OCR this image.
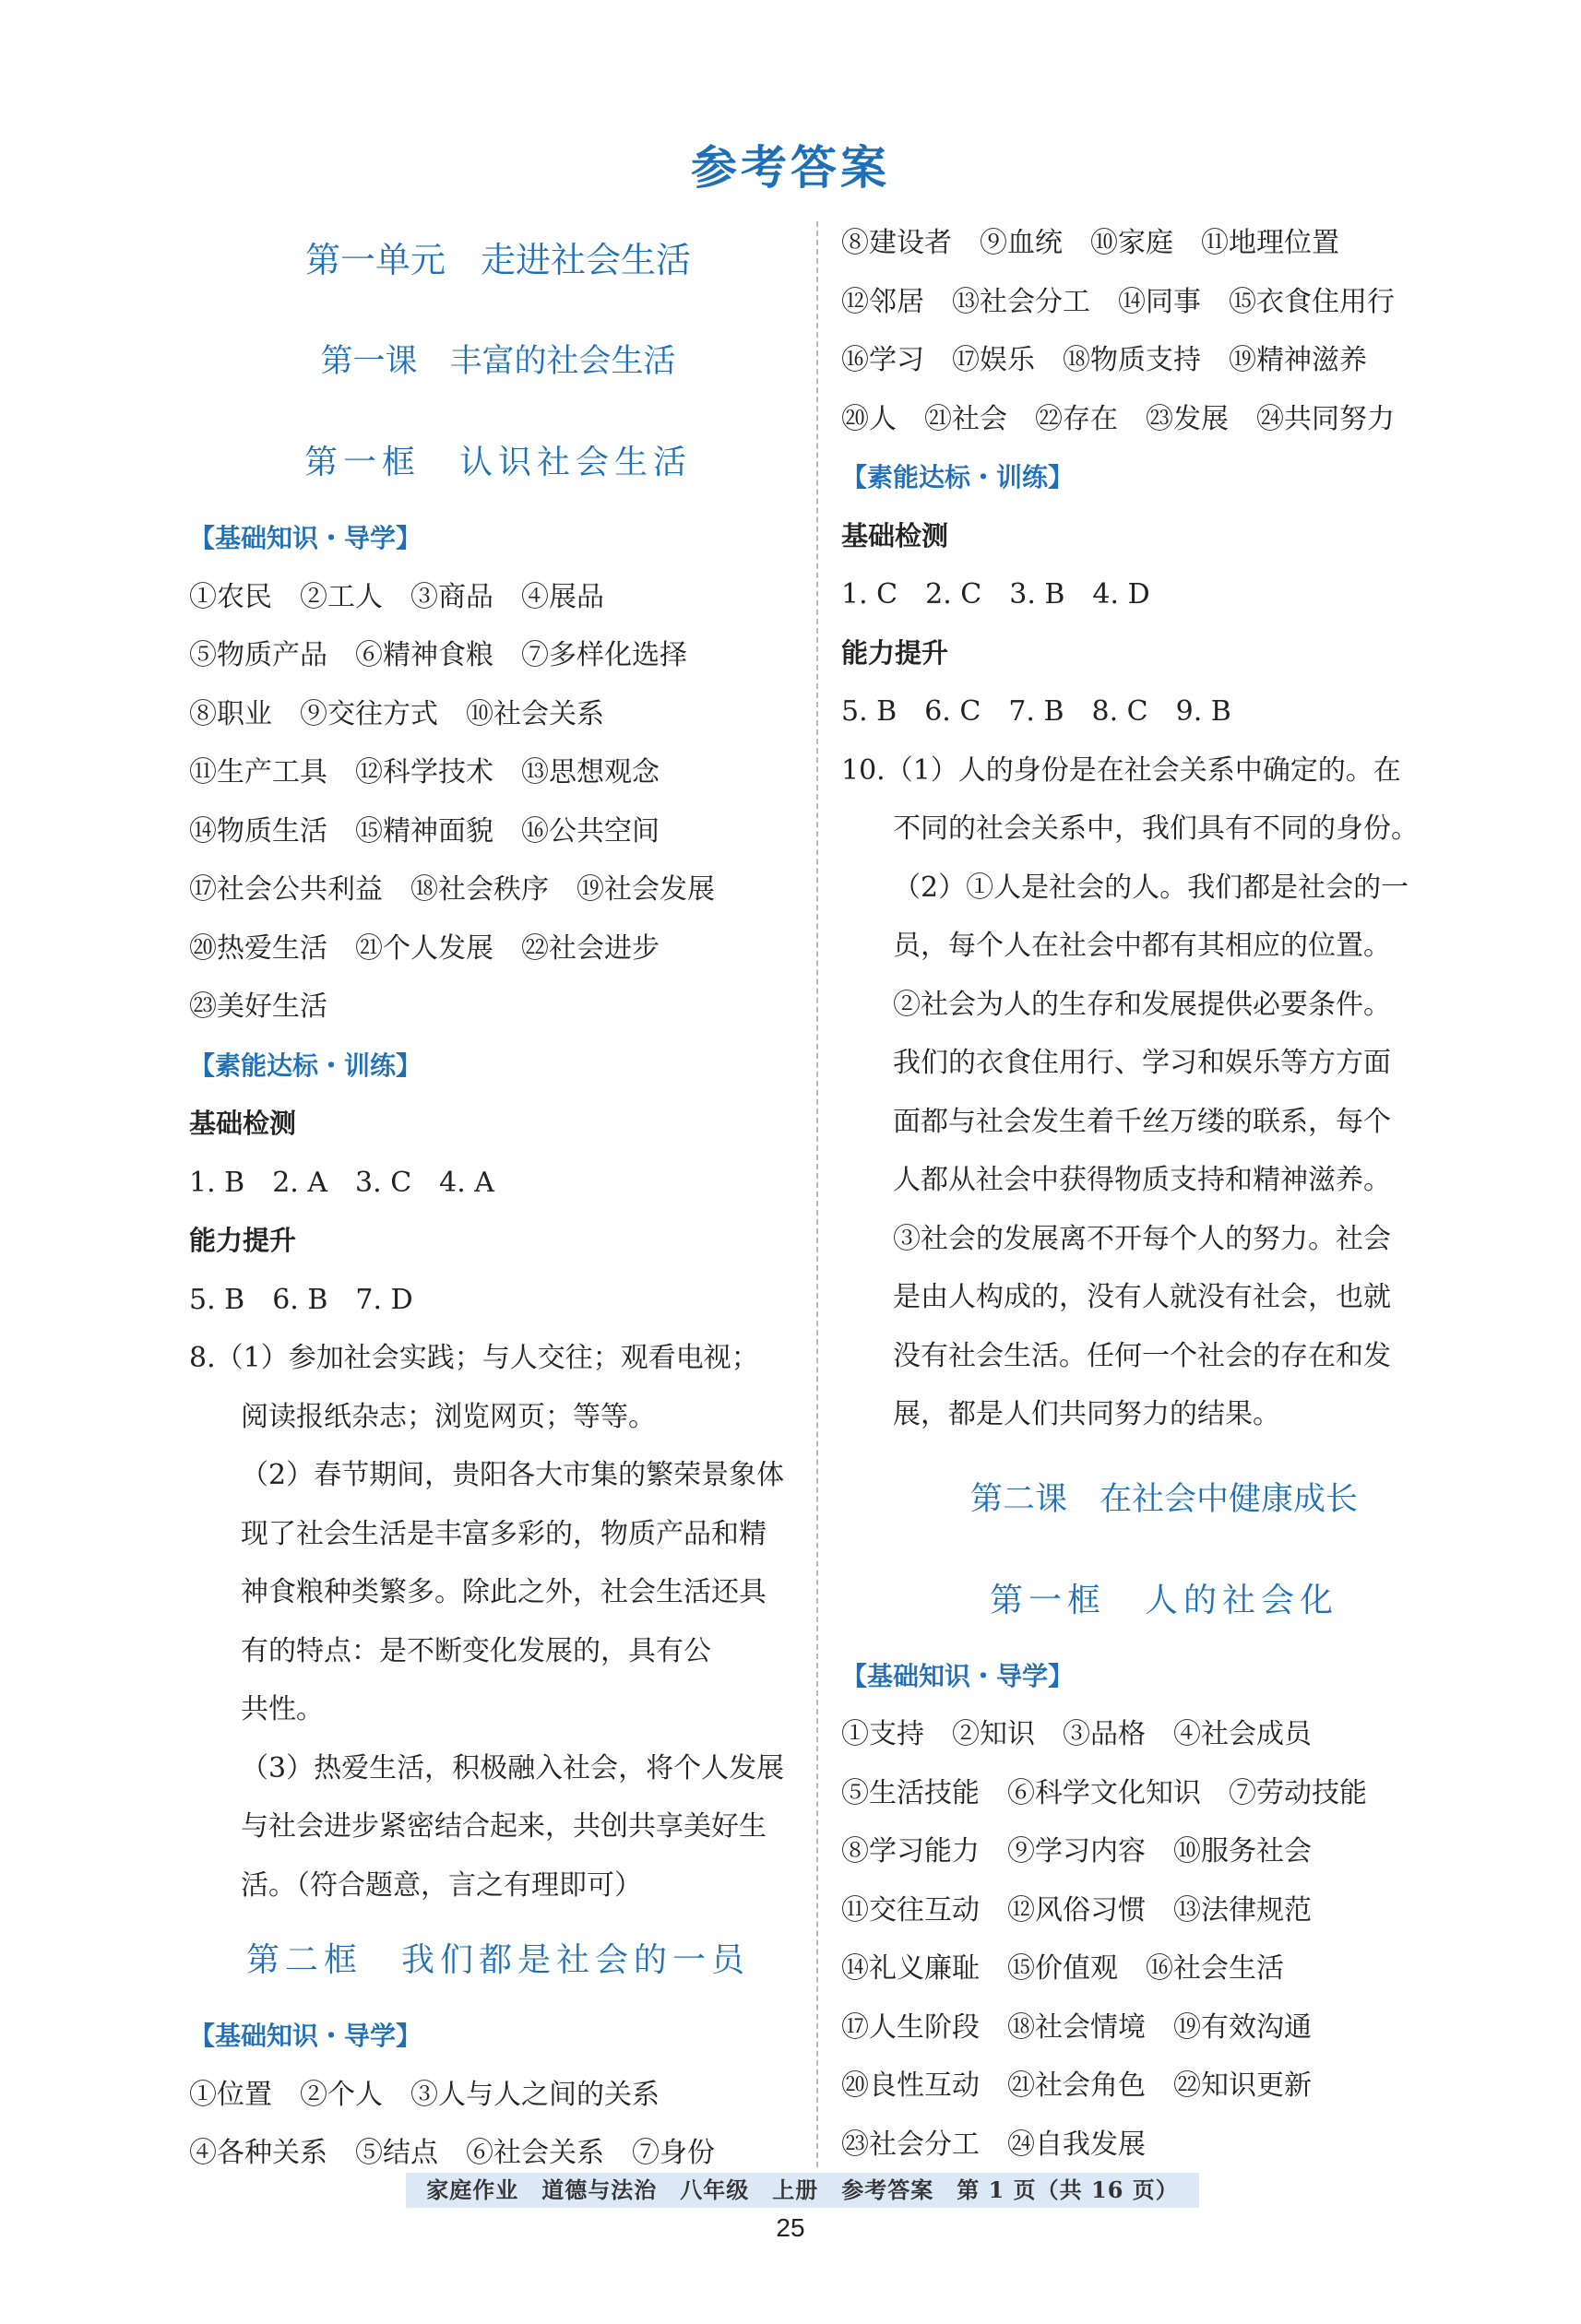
参考答案
第一单元　走进社会生活
第一课　丰富的社会生活
第一框　认识社会生活
【基础知识・导学】
①农民　②工人　③商品　④展品
⑤物质产品　⑥精神食粮　⑦多样化选择
⑧职业　⑨交往方式　⑩社会关系
⑪生产工具　⑫科学技术　⑬思想观念
⑭物质生活　⑮精神面貌　⑯公共空间
⑰社会公共利益　⑱社会秩序　⑲社会发展
⑳热爱生活　㉑个人发展　㉒社会进步
㉓美好生活
【素能达标・训练】
基础检测
1. B　2. A　3. C　4. A
能力提升
5. B　6. B　7. D
8.（1）参加社会实践；与人交往；观看电视；
阅读报纸杂志；浏览网页；等等。
（2）春节期间，贵阳各大市集的繁荣景象体
现了社会生活是丰富多彩的，物质产品和精
神食粮种类繁多。除此之外，社会生活还具
有的特点：是不断变化发展的，具有公
共性。
（3）热爱生活，积极融入社会，将个人发展
与社会进步紧密结合起来，共创共享美好生
活。（符合题意，言之有理即可）
第二框　我们都是社会的一员
【基础知识・导学】
①位置　②个人　③人与人之间的关系
④各种关系　⑤结点　⑥社会关系　⑦身份
⑧建设者　⑨血统　⑩家庭　⑪地理位置
⑫邻居　⑬社会分工　⑭同事　⑮衣食住用行
⑯学习　⑰娱乐　⑱物质支持　⑲精神滋养
⑳人　㉑社会　㉒存在　㉓发展　㉔共同努力
【素能达标・训练】
基础检测
1. C　2. C　3. B　4. D
能力提升
5. B　6. C　7. B　8. C　9. B
10.（1）人的身份是在社会关系中确定的。在
不同的社会关系中，我们具有不同的身份。
（2）①人是社会的人。我们都是社会的一
员，每个人在社会中都有其相应的位置。
②社会为人的生存和发展提供必要条件。
我们的衣食住用行、学习和娱乐等方方面
面都与社会发生着千丝万缕的联系，每个
人都从社会中获得物质支持和精神滋养。
③社会的发展离不开每个人的努力。社会
是由人构成的，没有人就没有社会，也就
没有社会生活。任何一个社会的存在和发
展，都是人们共同努力的结果。
第二课　在社会中健康成长
第一框　人的社会化
【基础知识・导学】
①支持　②知识　③品格　④社会成员
⑤生活技能　⑥科学文化知识　⑦劳动技能
⑧学习能力　⑨学习内容　⑩服务社会
⑪交往互动　⑫风俗习惯　⑬法律规范
⑭礼义廉耻　⑮价值观　⑯社会生活
⑰人生阶段　⑱社会情境　⑲有效沟通
⑳良性互动　㉑社会角色　㉒知识更新
㉓社会分工　㉔自我发展
家庭作业　道德与法治　八年级　上册　参考答案　第 1 页（共 16 页）
25
